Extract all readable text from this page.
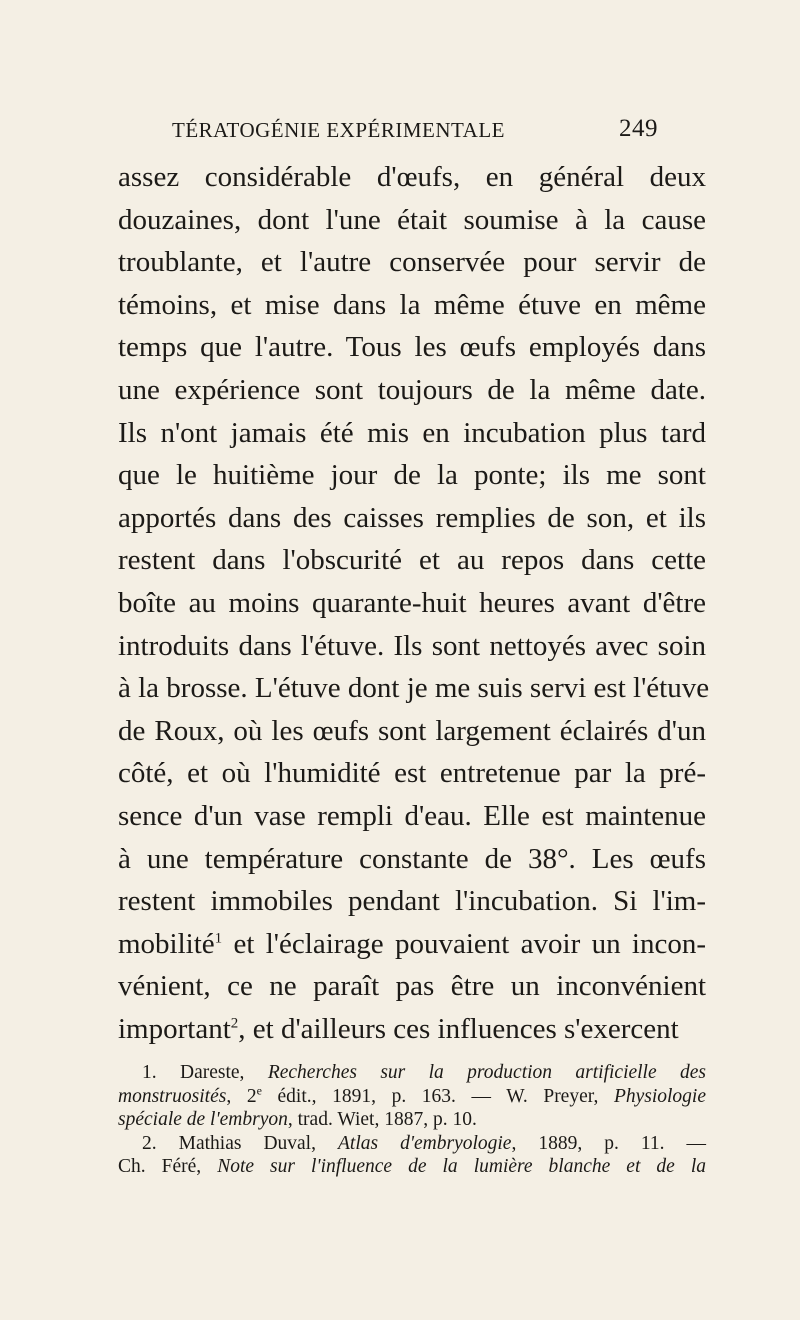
TÉRATOGÉNIE EXPÉRIMENTALE	249
assez considérable d'œufs, en général deux
douzaines, dont l'une était soumise à la cause
troublante, et l'autre conservée pour servir de
témoins, et mise dans la même étuve en même
temps que l'autre. Tous les œufs employés dans
une expérience sont toujours de la même date.
Ils n'ont jamais été mis en incubation plus tard
que le huitième jour de la ponte; ils me sont
apportés dans des caisses remplies de son, et ils
restent dans l'obscurité et au repos dans cette
boîte au moins quarante-huit heures avant d'être
introduits dans l'étuve. Ils sont nettoyés avec soin
à la brosse. L'étuve dont je me suis servi est l'étuve
de Roux, où les œufs sont largement éclairés d'un
côté, et où l'humidité est entretenue par la pré-
sence d'un vase rempli d'eau. Elle est maintenue
à une température constante de 38°. Les œufs
restent immobiles pendant l'incubation. Si l'im-
mobilité$^1$ et l'éclairage pouvaient avoir un incon-
vénient, ce ne paraît pas être un inconvénient
important$^2$, et d'ailleurs ces influences s'exercent
1. Dareste, Recherches sur la production artificielle des
monstruosités, 2e édit., 1891, p. 163. — W. Preyer, Physiologie
spéciale de l'embryon, trad. Wiet, 1887, p. 10.
2. Mathias Duval, Atlas d'embryologie, 1889, p. 11. —
Ch. Féré, Note sur l'influence de la lumière blanche et de la
